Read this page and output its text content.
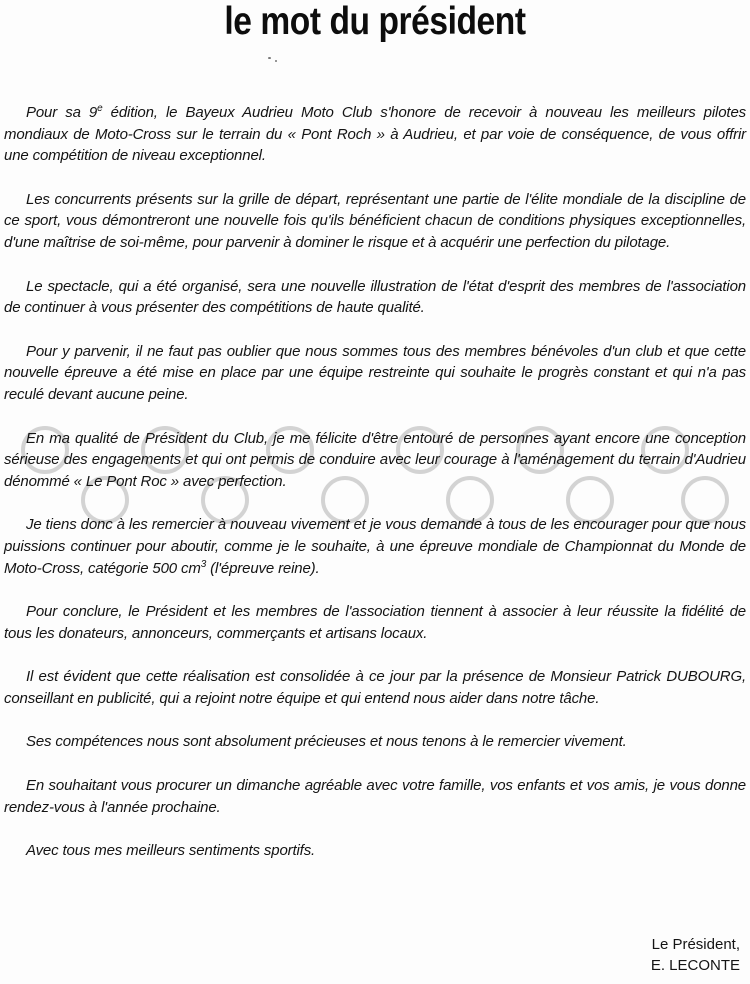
le mot du président

Pour sa 9e édition, le Bayeux Audrieu Moto Club s'honore de recevoir à nouveau les meilleurs pilotes mondiaux de Moto-Cross sur le terrain du « Pont Roch » à Audrieu, et par voie de conséquence, de vous offrir une compétition de niveau exceptionnel.

Les concurrents présents sur la grille de départ, représentant une partie de l'élite mondiale de la discipline de ce sport, vous démontreront une nouvelle fois qu'ils bénéficient chacun de conditions physiques exceptionnelles, d'une maîtrise de soi-même, pour parvenir à dominer le risque et à acquérir une perfection du pilotage.

Le spectacle, qui a été organisé, sera une nouvelle illustration de l'état d'esprit des membres de l'association de continuer à vous présenter des compétitions de haute qualité.

Pour y parvenir, il ne faut pas oublier que nous sommes tous des membres bénévoles d'un club et que cette nouvelle épreuve a été mise en place par une équipe restreinte qui souhaite le progrès constant et qui n'a pas reculé devant aucune peine.

En ma qualité de Président du Club, je me félicite d'être entouré de personnes ayant encore une conception sérieuse des engagements et qui ont permis de conduire avec leur courage à l'aménagement du terrain d'Audrieu dénommé « Le Pont Roc » avec perfection.

Je tiens donc à les remercier à nouveau vivement et je vous demande à tous de les encourager pour que nous puissions continuer pour aboutir, comme je le souhaite, à une épreuve mondiale de Championnat du Monde de Moto-Cross, catégorie 500 $cm^3$ (l'épreuve reine).

Pour conclure, le Président et les membres de l'association tiennent à associer à leur réussite la fidélité de tous les donateurs, annonceurs, commerçants et artisans locaux.

Il est évident que cette réalisation est consolidée à ce jour par la présence de Monsieur Patrick DUBOURG, conseillant en publicité, qui a rejoint notre équipe et qui entend nous aider dans notre tâche.

Ses compétences nous sont absolument précieuses et nous tenons à le remercier vivement.

En souhaitant vous procurer un dimanche agréable avec votre famille, vos enfants et vos amis, je vous donne rendez-vous à l'année prochaine.

Avec tous mes meilleurs sentiments sportifs.

Le Président,
E. LECONTE
